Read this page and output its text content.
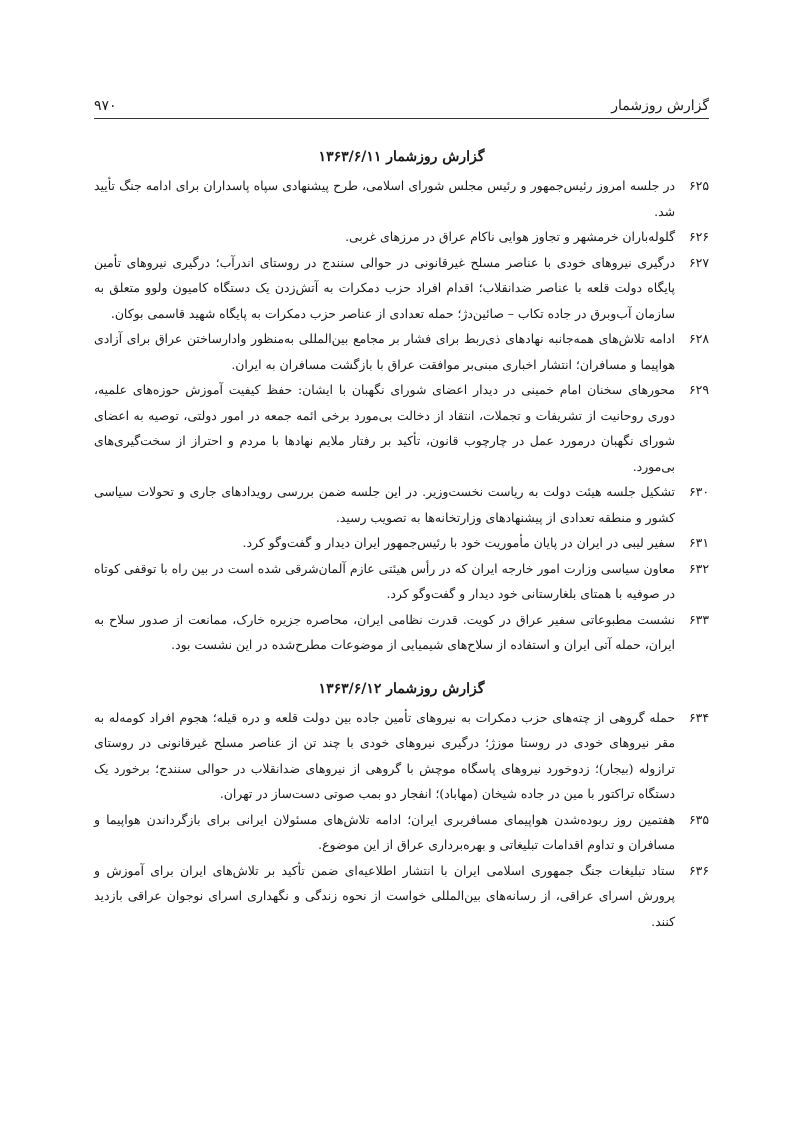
گزارش روزشمار
۹۷۰
گزارش روزشمار ۱۳۶۳/۶/۱۱
۶۲۵
در جلسه امروز رئیس‌جمهور و رئیس مجلس شورای اسلامی، طرح پیشنهادی سپاه پاسداران برای ادامه جنگ تأیید شد.
۶۲۶
گلوله‌باران خرمشهر و تجاوز هوایی ناکام عراق در مرزهای غربی.
۶۲۷
درگیری نیروهای خودی با عناصر مسلح غیرقانونی در حوالی سنندج در روستای اندرآب؛ درگیری نیروهای تأمین پایگاه دولت قلعه با عناصر ضدانقلاب؛ اقدام افراد حزب دمکرات به آتش‌زدن یک دستگاه کامیون ولوو متعلق به سازمان آب‌وبرق در جاده تکاب – صائین‌دژ؛ حمله تعدادی از عناصر حزب دمکرات به پایگاه شهید قاسمی بوکان.
۶۲۸
ادامه تلاش‌های همه‌جانبه نهادهای ذی‌ربط برای فشار بر مجامع بین‌المللی به‌منظور وادارساختن عراق برای آزادی هواپیما و مسافران؛ انتشار اخباری مبنی‌بر موافقت عراق با بازگشت مسافران به ایران.
۶۲۹
محورهای سخنان امام خمینی در دیدار اعضای شورای نگهبان با ایشان: حفظ کیفیت آموزش حوزه‌های علمیه، دوری روحانیت از تشریفات و تجملات، انتقاد از دخالت بی‌مورد برخی ائمه جمعه در امور دولتی، توصیه به اعضای شورای نگهبان درمورد عمل در چارچوب قانون، تأکید بر رفتار ملایم نهادها با مردم و احتراز از سخت‌گیری‌های بی‌مورد.
۶۳۰
تشکیل جلسه هیئت دولت به ریاست نخست‌وزیر. در این جلسه ضمن بررسی رویدادهای جاری و تحولات سیاسی کشور و منطقه تعدادی از پیشنهادهای وزارتخانه‌ها به تصویب رسید.
۶۳۱
سفیر لیبی در ایران در پایان مأموریت خود با رئیس‌جمهور ایران دیدار و گفت‌وگو کرد.
۶۳۲
معاون سیاسی وزارت امور خارجه ایران که در رأس هیئتی عازم آلمان‌شرقی شده است در بین راه با توقفی کوتاه در صوفیه با همتای بلغارستانی خود دیدار و گفت‌وگو کرد.
۶۳۳
نشست مطبوعاتی سفیر عراق در کویت. قدرت نظامی ایران، محاصره جزیره خارک، ممانعت از صدور سلاح به ایران، حمله آتی ایران و استفاده از سلاح‌های شیمیایی از موضوعات مطرح‌شده در این نشست بود.
گزارش روزشمار ۱۳۶۳/۶/۱۲
۶۳۴
حمله گروهی از چته‌های حزب دمکرات به نیروهای تأمین جاده بین دولت قلعه و دره قیله؛ هجوم افراد کومه‌له به مقر نیروهای خودی در روستا موزژ؛ درگیری نیروهای خودی با چند تن از عناصر مسلح غیرقانونی در روستای ترازوله (بیجار)؛ زدوخورد نیروهای پاسگاه موچش با گروهی از نیروهای ضدانقلاب در حوالی سنندج؛ برخورد یک دستگاه تراکتور با مین در جاده شیخان (مهاباد)؛ انفجار دو بمب صوتی دست‌ساز در تهران.
۶۳۵
هفتمین روز ربوده‌شدن هواپیمای مسافربری ایران؛ ادامه تلاش‌های مسئولان ایرانی برای بازگرداندن هواپیما و مسافران و تداوم اقدامات تبلیغاتی و بهره‌برداری عراق از این موضوع.
۶۳۶
ستاد تبلیغات جنگ جمهوری اسلامی ایران با انتشار اطلاعیه‌ای ضمن تأکید بر تلاش‌های ایران برای آموزش و پرورش اسرای عراقی، از رسانه‌های بین‌المللی خواست از نحوه زندگی و نگهداری اسرای نوجوان عراقی بازدید کنند.
